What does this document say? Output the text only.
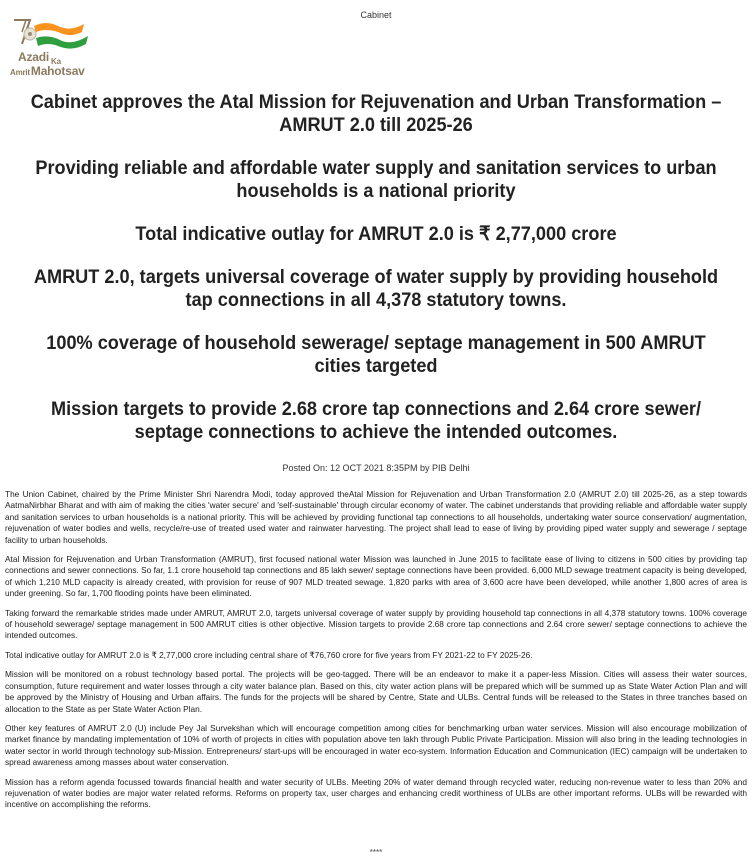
Cabinet
Azadi $_{Ka}$
AmritMahotsav
Cabinet approves the Atal Mission for Rejuvenation and Urban Transformation – AMRUT 2.0 till 2025-26
Providing reliable and affordable water supply and sanitation services to urban households is a national priority
Total indicative outlay for AMRUT 2.0 is ₹ 2,77,000 crore
AMRUT 2.0, targets universal coverage of water supply by providing household tap connections in all 4,378 statutory towns.
100% coverage of household sewerage/ septage management in 500 AMRUT cities targeted
Mission targets to provide 2.68 crore tap connections and 2.64 crore sewer/ septage connections to achieve the intended outcomes.
Posted On: 12 OCT 2021 8:35PM by PIB Delhi

The Union Cabinet, chaired by the Prime Minister Shri Narendra Modi, today approved theAtal Mission for Rejuvenation and Urban Transformation 2.0 (AMRUT 2.0) till 2025-26, as a step towards AatmaNirbhar Bharat and with aim of making the cities 'water secure' and 'self-sustainable' through circular economy of water. The cabinet understands that providing reliable and affordable water supply and sanitation services to urban households is a national priority. This will be achieved by providing functional tap connections to all households, undertaking water source conservation/ augmentation, rejuvenation of water bodies and wells, recycle/re-use of treated used water and rainwater harvesting. The project shall lead to ease of living by providing piped water supply and sewerage / septage facility to urban households.

Atal Mission for Rejuvenation and Urban Transformation (AMRUT), first focused national water Mission was launched in June 2015 to facilitate ease of living to citizens in 500 cities by providing tap connections and sewer connections. So far, 1.1 crore household tap connections and 85 lakh sewer/ septage connections have been provided. 6,000 MLD sewage treatment capacity is being developed, of which 1,210 MLD capacity is already created, with provision for reuse of 907 MLD treated sewage. 1,820 parks with area of 3,600 acre have been developed, while another 1,800 acres of area is under greening. So far, 1,700 flooding points have been eliminated.

Taking forward the remarkable strides made under AMRUT, AMRUT 2.0, targets universal coverage of water supply by providing household tap connections in all 4,378 statutory towns. 100% coverage of household sewerage/ septage management in 500 AMRUT cities is other objective. Mission targets to provide 2.68 crore tap connections and 2.64 crore sewer/ septage connections to achieve the intended outcomes.

Total indicative outlay for AMRUT 2.0 is ₹ 2,77,000 crore including central share of ₹76,760 crore for five years from FY 2021-22 to FY 2025-26.

Mission will be monitored on a robust technology based portal. The projects will be geo-tagged. There will be an endeavor to make it a paper-less Mission. Cities will assess their water sources, consumption, future requirement and water losses through a city water balance plan. Based on this, city water action plans will be prepared which will be summed up as State Water Action Plan and will be approved by the Ministry of Housing and Urban affairs. The funds for the projects will be shared by Centre, State and ULBs. Central funds will be released to the States in three tranches based on allocation to the State as per State Water Action Plan.

Other key features of AMRUT 2.0 (U) include Pey Jal Survekshan which will encourage competition among cities for benchmarking urban water services. Mission will also encourage mobilization of market finance by mandating implementation of 10% of worth of projects in cities with population above ten lakh through Public Private Participation. Mission will also bring in the leading technologies in water sector in world through technology sub-Mission. Entrepreneurs/ start-ups will be encouraged in water eco-system. Information Education and Communication (IEC) campaign will be undertaken to spread awareness among masses about water conservation.

Mission has a reform agenda focussed towards financial health and water security of ULBs. Meeting 20% of water demand through recycled water, reducing non-revenue water to less than 20% and rejuvenation of water bodies are major water related reforms. Reforms on property tax, user charges and enhancing credit worthiness of ULBs are other important reforms. ULBs will be rewarded with incentive on accomplishing the reforms.

****
